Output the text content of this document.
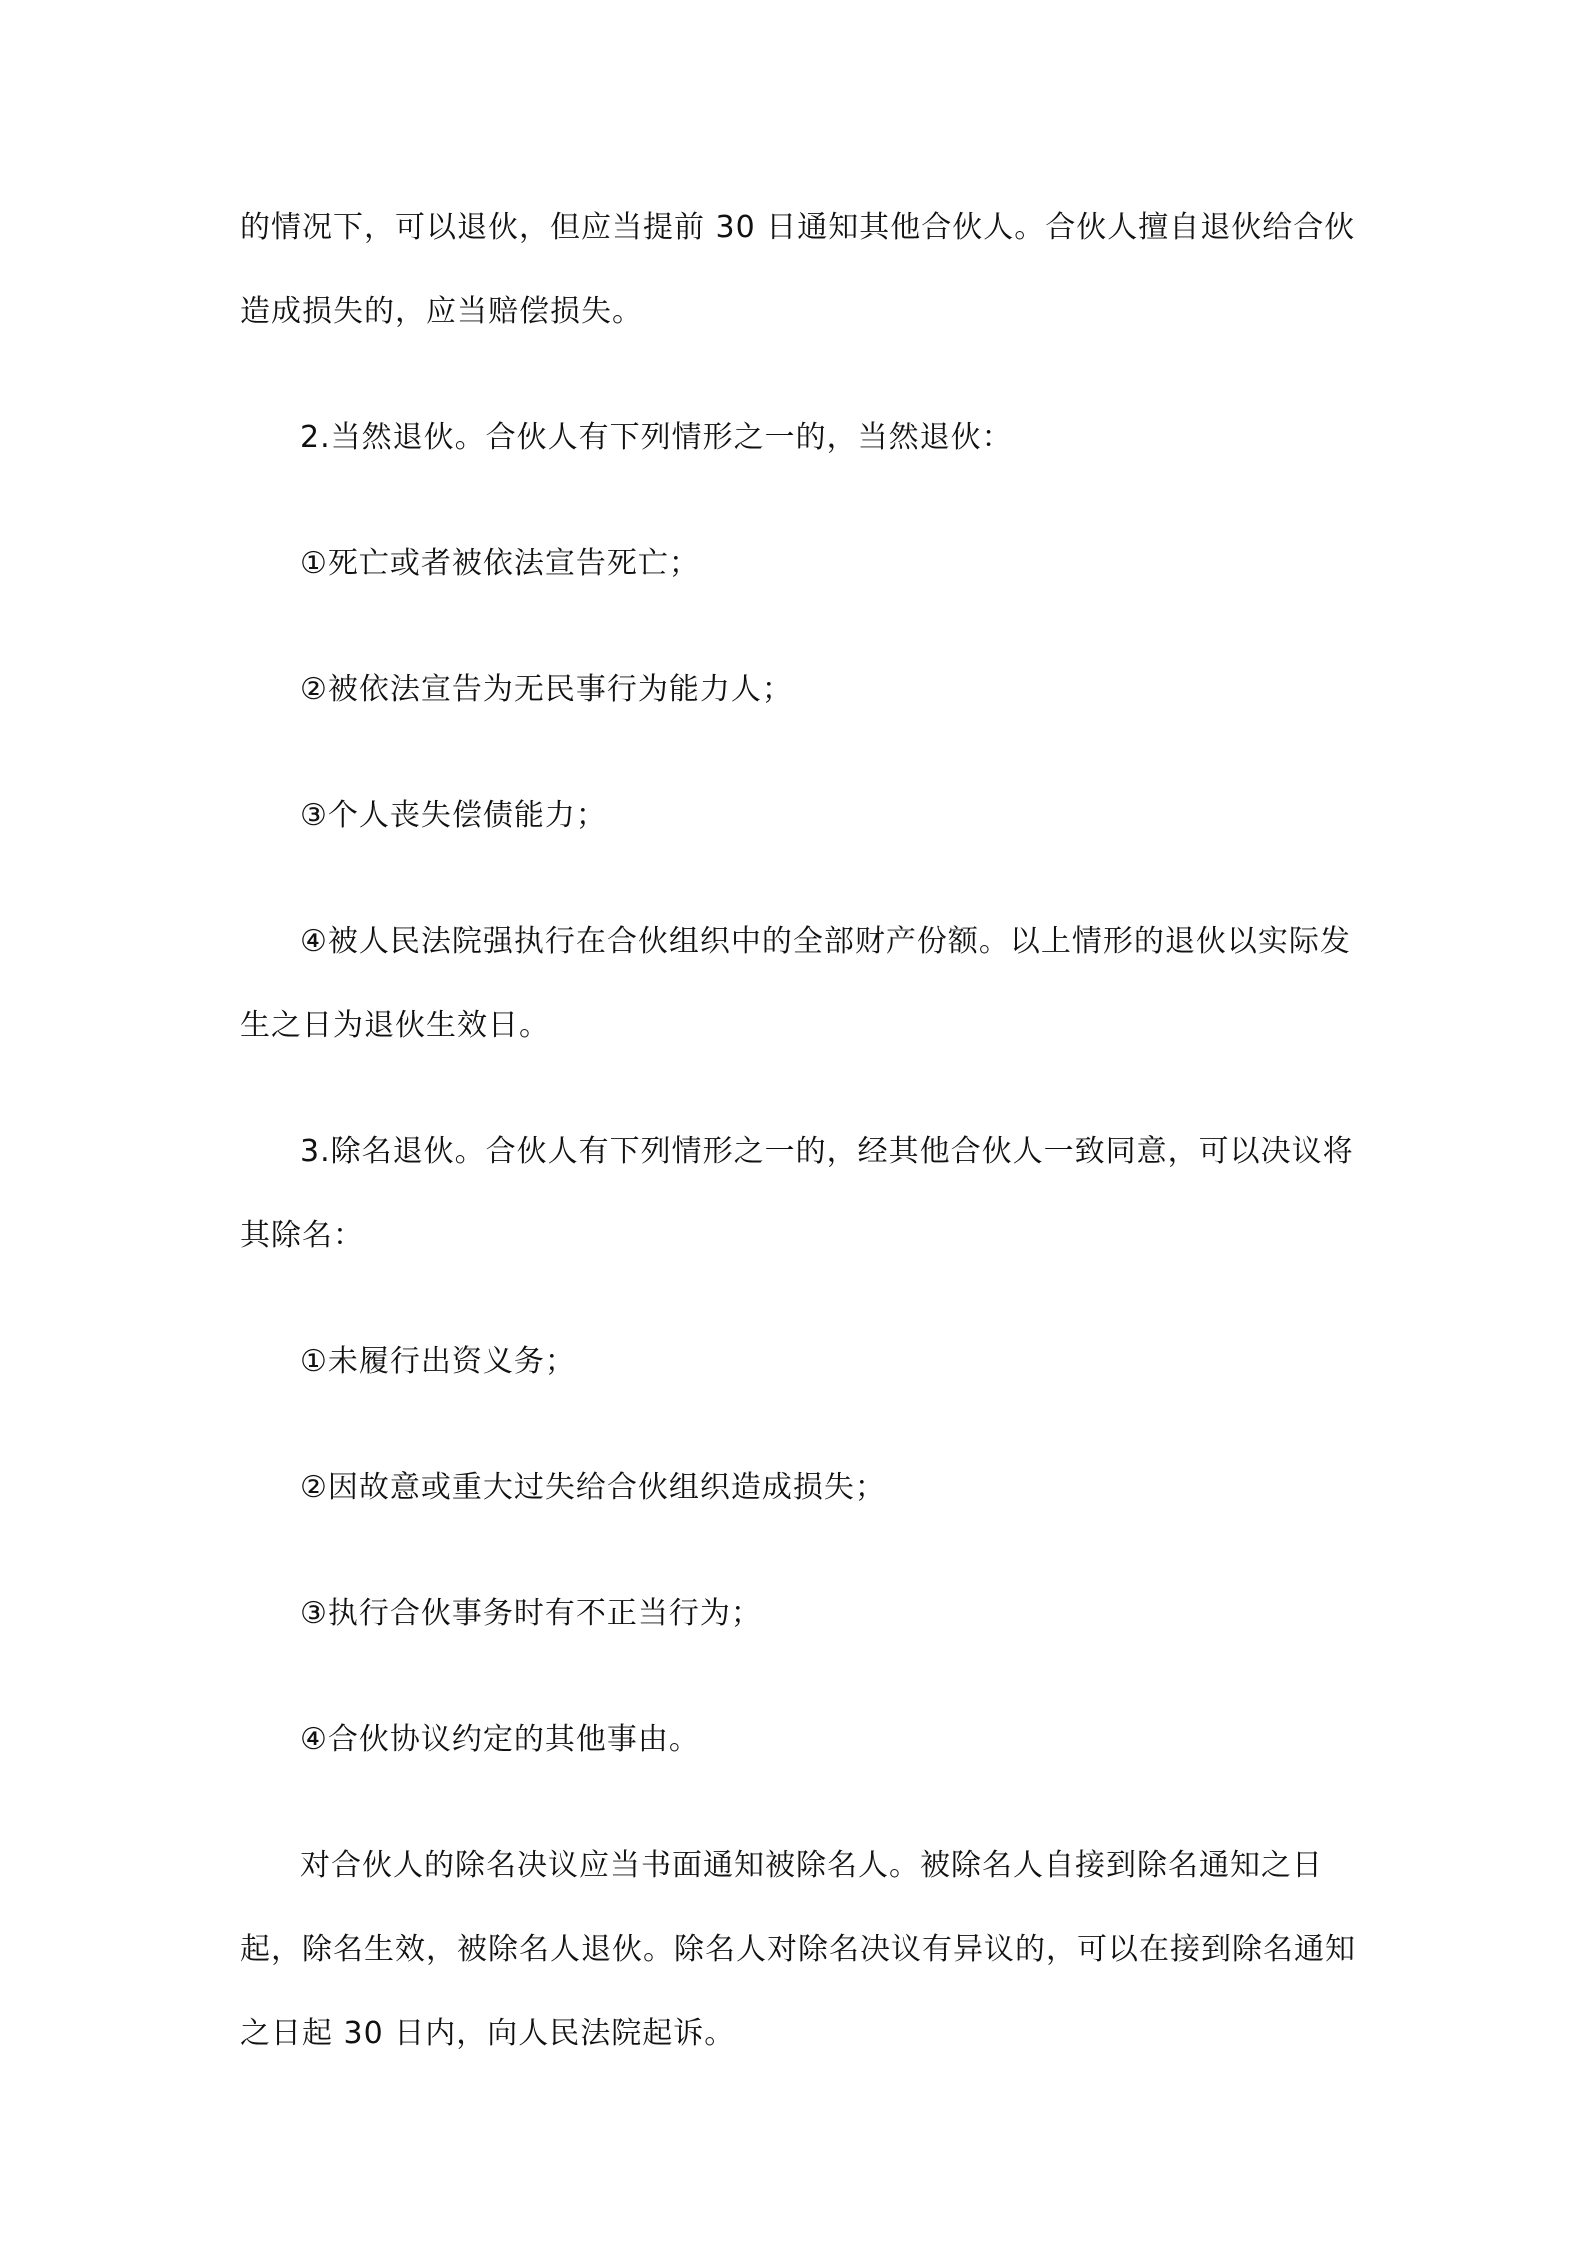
的情况下，可以退伙，但应当提前 30 日通知其他合伙人。合伙人擅自退伙给合伙造成损失的，应当赔偿损失。

2.当然退伙。合伙人有下列情形之一的，当然退伙：

①死亡或者被依法宣告死亡；

②被依法宣告为无民事行为能力人；

③个人丧失偿债能力；

④被人民法院强执行在合伙组织中的全部财产份额。以上情形的退伙以实际发生之日为退伙生效日。

3.除名退伙。合伙人有下列情形之一的，经其他合伙人一致同意，可以决议将其除名：

①未履行出资义务；

②因故意或重大过失给合伙组织造成损失；

③执行合伙事务时有不正当行为；

④合伙协议约定的其他事由。

对合伙人的除名决议应当书面通知被除名人。被除名人自接到除名通知之日起，除名生效，被除名人退伙。除名人对除名决议有异议的，可以在接到除名通知之日起 30 日内，向人民法院起诉。
